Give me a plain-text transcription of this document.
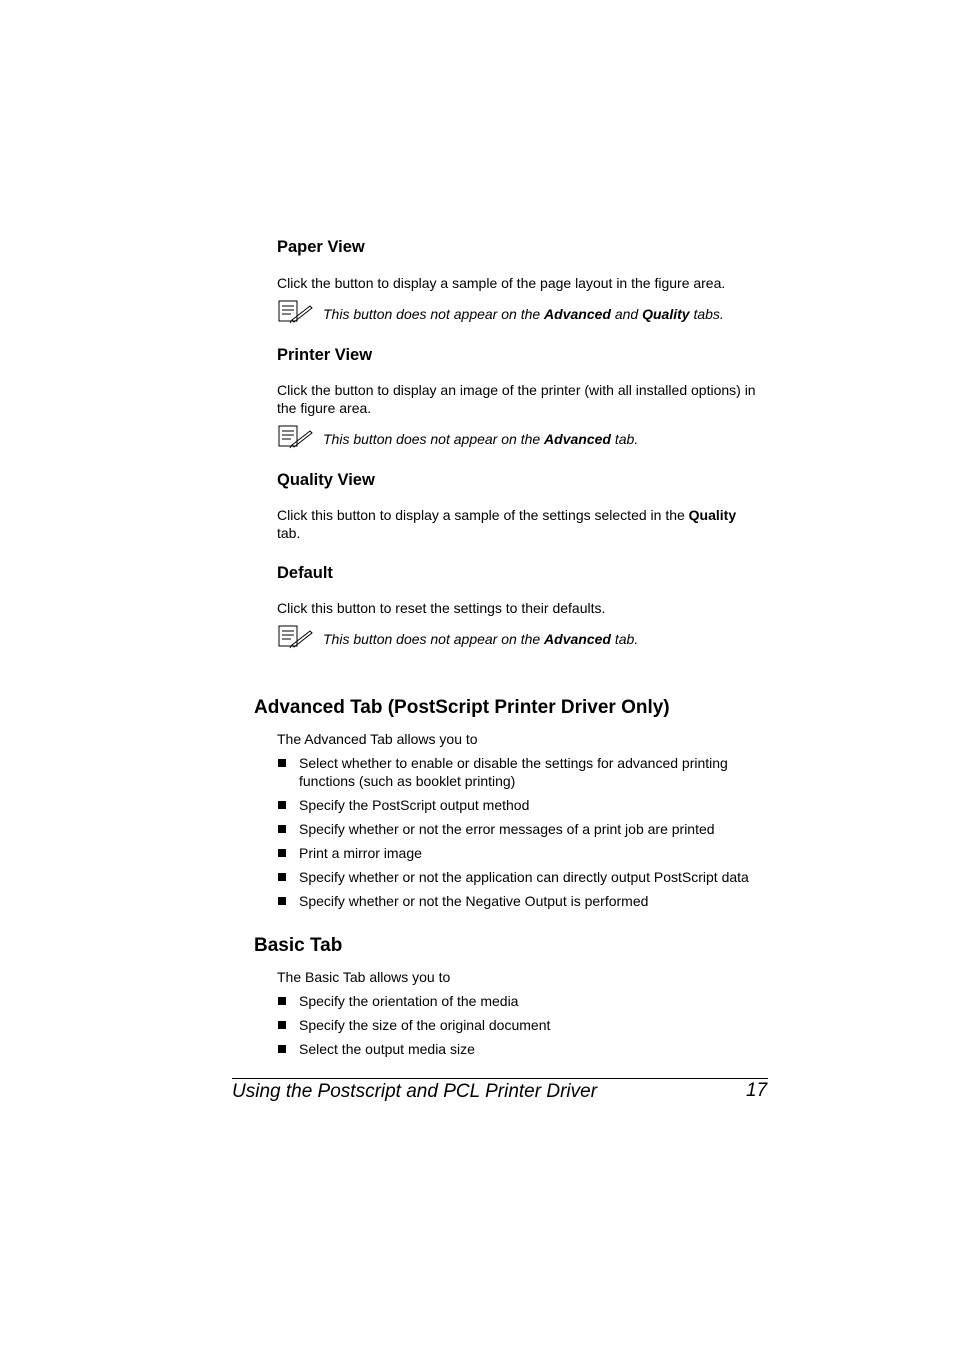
Paper View
Click the button to display a sample of the page layout in the figure area.
This button does not appear on the Advanced and Quality tabs.
Printer View
Click the button to display an image of the printer (with all installed options) in
the figure area.
This button does not appear on the Advanced tab.
Quality View
Click this button to display a sample of the settings selected in the Quality
tab.
Default
Click this button to reset the settings to their defaults.
This button does not appear on the Advanced tab.
Advanced Tab (PostScript Printer Driver Only)
The Advanced Tab allows you to
Select whether to enable or disable the settings for advanced printing
functions (such as booklet printing)
Specify the PostScript output method
Specify whether or not the error messages of a print job are printed
Print a mirror image
Specify whether or not the application can directly output PostScript data
Specify whether or not the Negative Output is performed
Basic Tab
The Basic Tab allows you to
Specify the orientation of the media
Specify the size of the original document
Select the output media size
Using the Postscript and PCL Printer Driver	17
